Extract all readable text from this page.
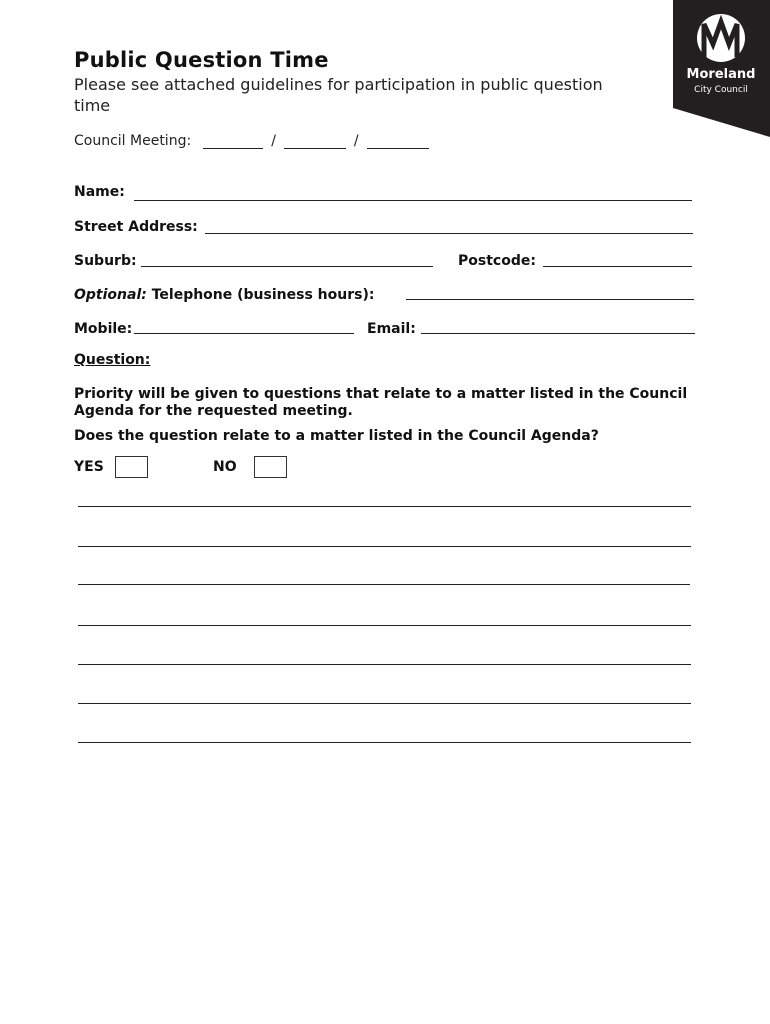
Moreland
City Council
Public Question Time
Please see attached guidelines for participation in public question time
Council Meeting:	/	/
Name:
Street Address:
Suburb:	Postcode:
Optional: Telephone (business hours):
Mobile:	Email:
Question:
Priority will be given to questions that relate to a matter listed in the Council Agenda for the requested meeting.
Does the question relate to a matter listed in the Council Agenda?
YES	NO
